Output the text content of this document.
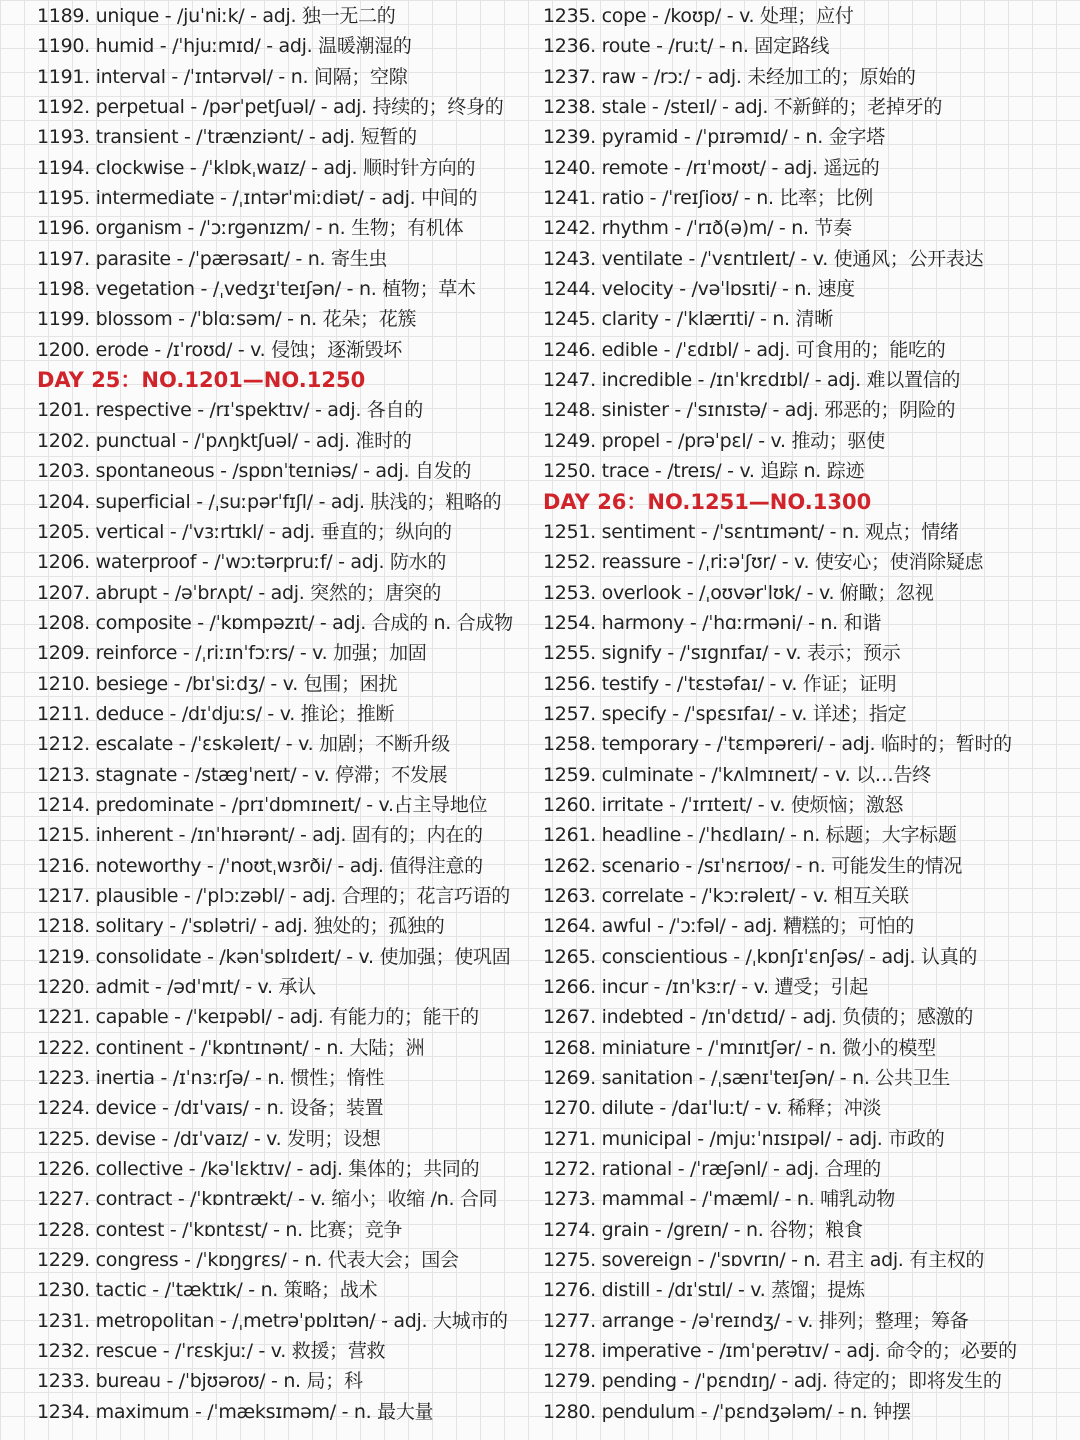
1189. unique - /juˈniːk/ - adj. 独一无二的
1190. humid - /ˈhjuːmɪd/ - adj. 温暖潮湿的
1191. interval - /ˈɪntərvəl/ - n. 间隔；空隙
1192. perpetual - /pərˈpetʃuəl/ - adj. 持续的；终身的
1193. transient - /ˈtrænziənt/ - adj. 短暂的
1194. clockwise - /ˈklɒkˌwaɪz/ - adj. 顺时针方向的
1195. intermediate - /ˌɪntərˈmiːdiət/ - adj. 中间的
1196. organism - /ˈɔːrgənɪzm/ - n. 生物；有机体
1197. parasite - /ˈpærəsaɪt/ - n. 寄生虫
1198. vegetation - /ˌvedʒɪˈteɪʃən/ - n. 植物；草木
1199. blossom - /ˈblɑːsəm/ - n. 花朵；花簇
1200. erode - /ɪˈroʊd/ - v. 侵蚀；逐渐毁坏
DAY 25：NO.1201—NO.1250
1201. respective - /rɪˈspektɪv/ - adj. 各自的
1202. punctual - /ˈpʌŋktʃuəl/ - adj. 准时的
1203. spontaneous - /spɒnˈteɪniəs/ - adj. 自发的
1204. superficial - /ˌsuːpərˈfɪʃl/ - adj. 肤浅的；粗略的
1205. vertical - /ˈvɜːrtɪkl/ - adj. 垂直的；纵向的
1206. waterproof - /ˈwɔːtərpruːf/ - adj. 防水的
1207. abrupt - /əˈbrʌpt/ - adj. 突然的；唐突的
1208. composite - /ˈkɒmpəzɪt/ - adj. 合成的 n. 合成物
1209. reinforce - /ˌriːɪnˈfɔːrs/ - v. 加强；加固
1210. besiege - /bɪˈsiːdʒ/ - v. 包围；困扰
1211. deduce - /dɪˈdjuːs/ - v. 推论；推断
1212. escalate - /ˈɛskəleɪt/ - v. 加剧；不断升级
1213. stagnate - /stægˈneɪt/ - v. 停滞；不发展
1214. predominate - /prɪˈdɒmɪneɪt/ - v.占主导地位
1215. inherent - /ɪnˈhɪərənt/ - adj. 固有的；内在的
1216. noteworthy - /ˈnoʊtˌwɜrði/ - adj. 值得注意的
1217. plausible - /ˈplɔːzəbl/ - adj. 合理的；花言巧语的
1218. solitary - /ˈsɒlətri/ - adj. 独处的；孤独的
1219. consolidate - /kənˈsɒlɪdeɪt/ - v. 使加强；使巩固
1220. admit - /ədˈmɪt/ - v. 承认
1221. capable - /ˈkeɪpəbl/ - adj. 有能力的；能干的
1222. continent - /ˈkɒntɪnənt/ - n. 大陆；洲
1223. inertia - /ɪˈnɜːrʃə/ - n. 惯性；惰性
1224. device - /dɪˈvaɪs/ - n. 设备；装置
1225. devise - /dɪˈvaɪz/ - v. 发明；设想
1226. collective - /kəˈlɛktɪv/ - adj. 集体的；共同的
1227. contract - /ˈkɒntrækt/ - v. 缩小；收缩 /n. 合同
1228. contest - /ˈkɒntɛst/ - n. 比赛；竞争
1229. congress - /ˈkɒŋgrɛs/ - n. 代表大会；国会
1230. tactic - /ˈtæktɪk/ - n. 策略；战术
1231. metropolitan - /ˌmetrəˈpɒlɪtən/ - adj. 大城市的
1232. rescue - /ˈrɛskjuː/ - v. 救援；营救
1233. bureau - /ˈbjʊəroʊ/ - n. 局；科
1234. maximum - /ˈmæksɪməm/ - n. 最大量
1235. cope - /koʊp/ - v. 处理；应付
1236. route - /ruːt/ - n. 固定路线
1237. raw - /rɔː/ - adj. 未经加工的；原始的
1238. stale - /steɪl/ - adj. 不新鲜的；老掉牙的
1239. pyramid - /ˈpɪrəmɪd/ - n. 金字塔
1240. remote - /rɪˈmoʊt/ - adj. 遥远的
1241. ratio - /ˈreɪʃioʊ/ - n. 比率；比例
1242. rhythm - /ˈrɪð(ə)m/ - n. 节奏
1243. ventilate - /ˈvɛntɪleɪt/ - v. 使通风；公开表达
1244. velocity - /vəˈlɒsɪti/ - n. 速度
1245. clarity - /ˈklærɪti/ - n. 清晰
1246. edible - /ˈɛdɪbl/ - adj. 可食用的；能吃的
1247. incredible - /ɪnˈkrɛdɪbl/ - adj. 难以置信的
1248. sinister - /ˈsɪnɪstə/ - adj. 邪恶的；阴险的
1249. propel - /prəˈpɛl/ - v. 推动；驱使
1250. trace - /treɪs/ - v. 追踪 n. 踪迹
DAY 26：NO.1251—NO.1300
1251. sentiment - /ˈsɛntɪmənt/ - n. 观点；情绪
1252. reassure - /ˌriːəˈʃʊr/ - v. 使安心；使消除疑虑
1253. overlook - /ˌoʊvərˈlʊk/ - v. 俯瞰；忽视
1254. harmony - /ˈhɑːrməni/ - n. 和谐
1255. signify - /ˈsɪgnɪfaɪ/ - v. 表示；预示
1256. testify - /ˈtɛstəfaɪ/ - v. 作证；证明
1257. specify - /ˈspɛsɪfaɪ/ - v. 详述；指定
1258. temporary - /ˈtɛmpəreri/ - adj. 临时的；暂时的
1259. culminate - /ˈkʌlmɪneɪt/ - v. 以…告终
1260. irritate - /ˈɪrɪteɪt/ - v. 使烦恼；激怒
1261. headline - /ˈhɛdlaɪn/ - n. 标题；大字标题
1262. scenario - /sɪˈnɛrɪoʊ/ - n. 可能发生的情况
1263. correlate - /ˈkɔːrəleɪt/ - v. 相互关联
1264. awful - /ˈɔːfəl/ - adj. 糟糕的；可怕的
1265. conscientious - /ˌkɒnʃɪˈɛnʃəs/ - adj. 认真的
1266. incur - /ɪnˈkɜːr/ - v. 遭受；引起
1267. indebted - /ɪnˈdɛtɪd/ - adj. 负债的；感激的
1268. miniature - /ˈmɪnɪtʃər/ - n. 微小的模型
1269. sanitation - /ˌsænɪˈteɪʃən/ - n. 公共卫生
1270. dilute - /daɪˈluːt/ - v. 稀释；冲淡
1271. municipal - /mjuːˈnɪsɪpəl/ - adj. 市政的
1272. rational - /ˈræʃənl/ - adj. 合理的
1273. mammal - /ˈmæml/ - n. 哺乳动物
1274. grain - /greɪn/ - n. 谷物；粮食
1275. sovereign - /ˈsɒvrɪn/ - n. 君主 adj. 有主权的
1276. distill - /dɪˈstɪl/ - v. 蒸馏；提炼
1277. arrange - /əˈreɪndʒ/ - v. 排列；整理；筹备
1278. imperative - /ɪmˈperətɪv/ - adj. 命令的；必要的
1279. pending - /ˈpɛndɪŋ/ - adj. 待定的；即将发生的
1280. pendulum - /ˈpɛndʒələm/ - n. 钟摆
